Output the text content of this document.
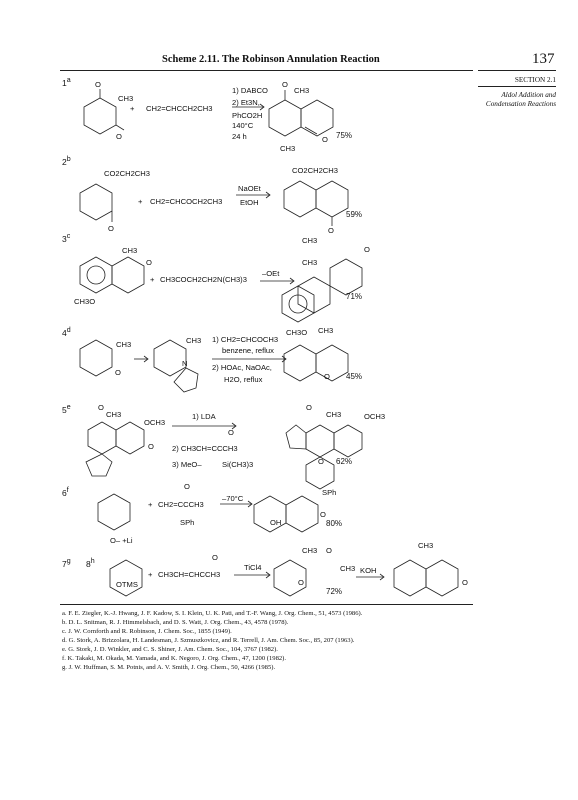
Scheme 2.11. The Robinson Annulation Reaction	137
SECTION 2.1
Aldol Addition and
Condensation Reactions
1$^a$	O
CH3
O
+ CH2=CHCCH2CH3
1) DABCO
2) Et3N,
PhCO2H
140°C
24 h
O
CH3
O
CH3
75%
2$^b$
CO2CH2CH3
O
+ CH2=CHCOCH2CH3
NaOEt
EtOH
CO2CH2CH3
O
CH3
59%
3$^c$
CH3
O
CH3O
+ CH3COCH2CH2N(CH3)3
–OEt
CH3
O
CH3O
71%
4$^d$
CH3
O
CH3
N
1) CH2=CHCOCH3
benzene, reflux
2) HOAc, NaOAc,
H2O, reflux
CH3
O 45%
5e	O
CH3
OCH3
O
1) LDA
O
2) CH3CH=CCCH3
3) MeO–	Si(CH3)3
O
CH3	OCH3
O 62%
6$^f$
O– +Li
O
+ CH2=CCCH3
SPh
–70°C
SPh
O
OH	80%
7$^g$ 8$^h$
OTMS
O
+ CH3CH=CHCCH3
TiCl4
CH3 O
CH3
O
KOH
72%
CH3
O
a. F. E. Ziegler, K.-J. Hwang, J. F. Kadow, S. I. Klein, U. K. Pati, and T.-F. Wang, J. Org. Chem., 51, 4573 (1986).
b. D. L. Snitman, R. J. Himmelsbach, and D. S. Watt, J. Org. Chem., 43, 4578 (1978).
c. J. W. Cornforth and R. Robinson, J. Chem. Soc., 1855 (1949).
d. G. Stork, A. Brizzolara, H. Landesman, J. Szmuszkovicz, and R. Terrell, J. Am. Chem. Soc., 85, 207 (1963).
e. G. Stork, J. D. Winkler, and C. S. Shiner, J. Am. Chem. Soc., 104, 3767 (1982).
f. K. Takaki, M. Okada, M. Yamada, and K. Negoro, J. Org. Chem., 47, 1200 (1982).
g. J. W. Huffman, S. M. Potnis, and A. V. Smith, J. Org. Chem., 50, 4266 (1985).
